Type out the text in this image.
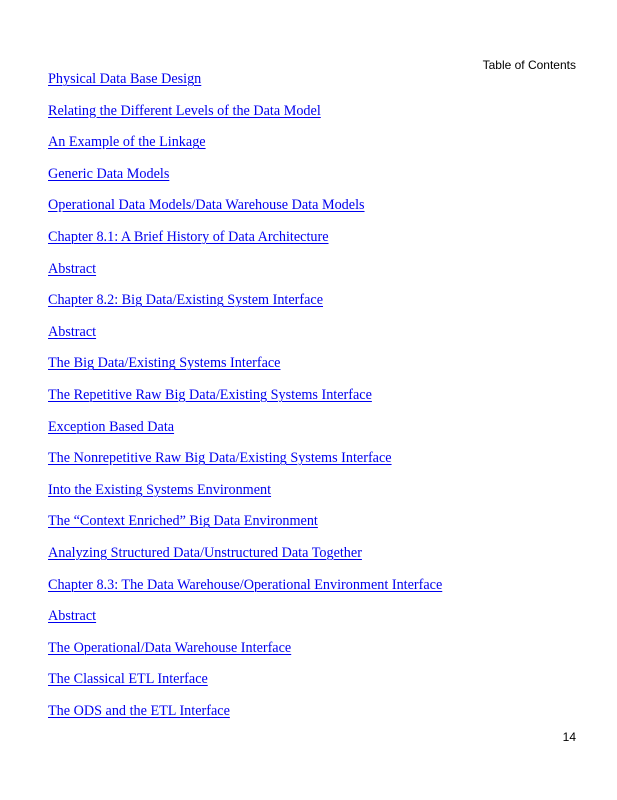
Table of Contents
Physical Data Base Design
Relating the Different Levels of the Data Model
An Example of the Linkage
Generic Data Models
Operational Data Models/Data Warehouse Data Models
Chapter 8.1: A Brief History of Data Architecture
Abstract
Chapter 8.2: Big Data/Existing System Interface
Abstract
The Big Data/Existing Systems Interface
The Repetitive Raw Big Data/Existing Systems Interface
Exception Based Data
The Nonrepetitive Raw Big Data/Existing Systems Interface
Into the Existing Systems Environment
The “Context Enriched” Big Data Environment
Analyzing Structured Data/Unstructured Data Together
Chapter 8.3: The Data Warehouse/Operational Environment Interface
Abstract
The Operational/Data Warehouse Interface
The Classical ETL Interface
The ODS and the ETL Interface
14
